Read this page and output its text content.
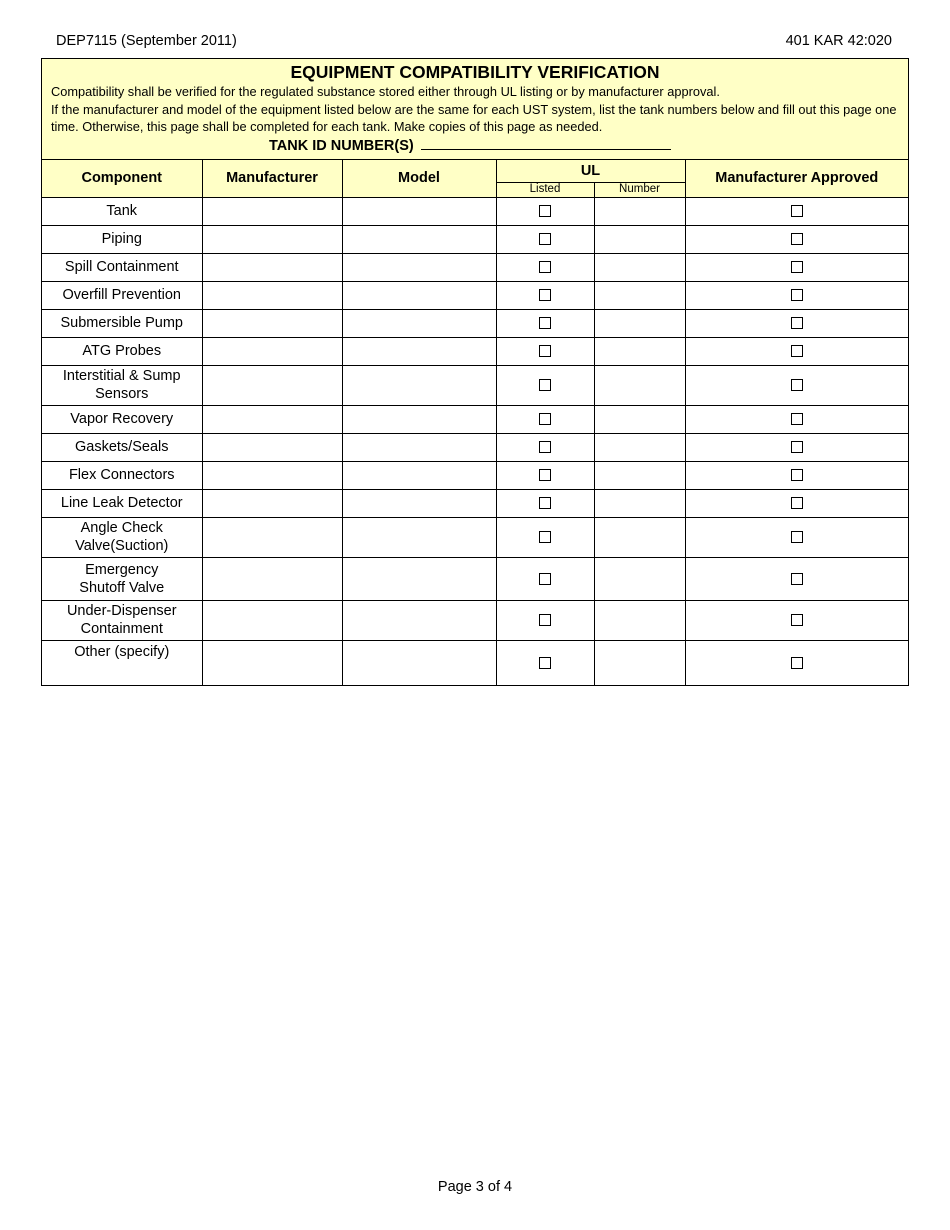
DEP7115 (September 2011)	401 KAR 42:020
EQUIPMENT COMPATIBILITY VERIFICATION

Compatibility shall be verified for the regulated substance stored either through UL listing or by manufacturer approval.

If the manufacturer and model of the equipment listed below are the same for each UST system, list the tank numbers below and fill out this page one time. Otherwise, this page shall be completed for each tank. Make copies of this page as needed.

TANK ID NUMBER(S)
Component	Manufacturer	Model	UL		Manufacturer Approved
			Listed	Number	

Tank					

Piping					

Spill Containment					

Overfill Prevention					

Submersible Pump					

ATG Probes					

Interstitial & Sump
Sensors					

Vapor Recovery					

Gaskets/Seals					

Flex Connectors					

Line Leak Detector					

Angle Check
Valve(Suction)					

Emergency
Shutoff Valve					

Under-Dispenser
Containment					

Other (specify)					

Page 3 of 4
